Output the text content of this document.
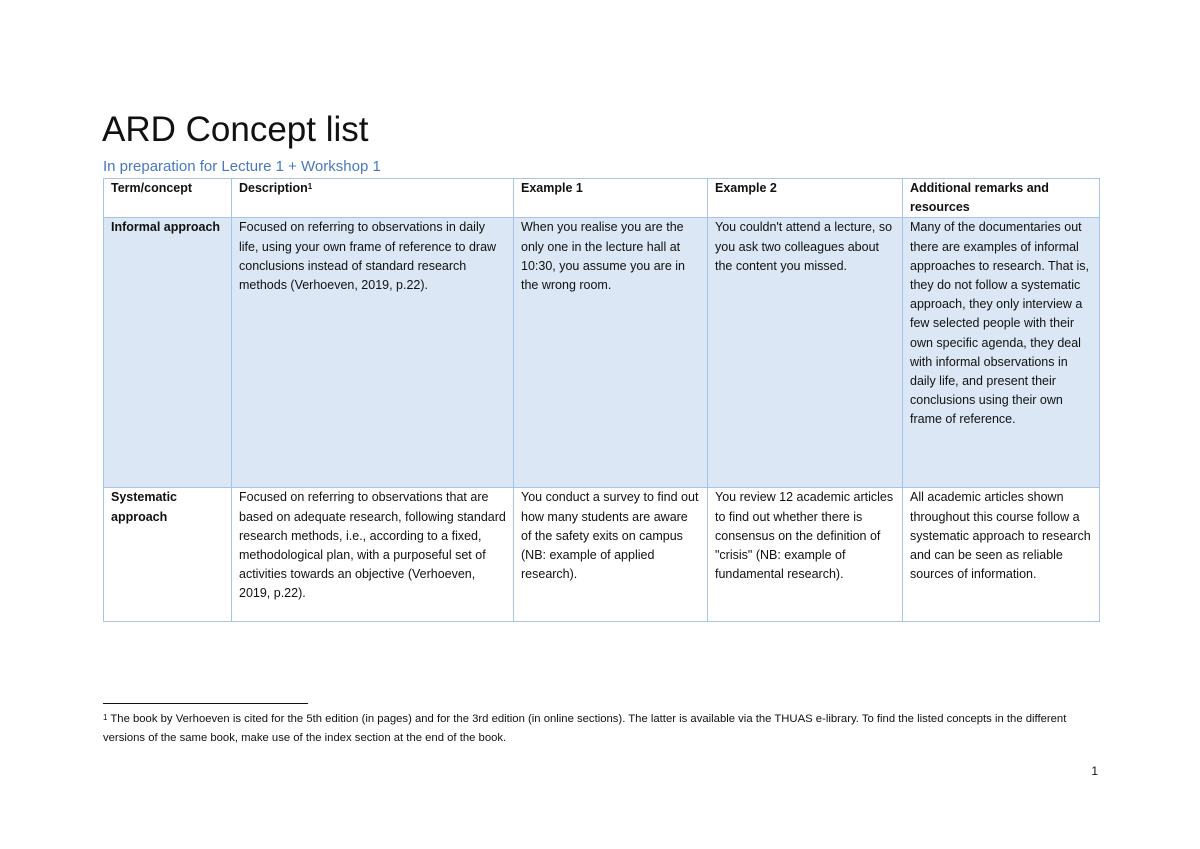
ARD Concept list
In preparation for Lecture 1 + Workshop 1
Term/concept	Description$^1$	Example 1	Example 2	Additional remarks and resources
Informal approach	Focused on referring to observations in daily life, using your own frame of reference to draw conclusions instead of standard research methods (Verhoeven, 2019, p.22).	When you realise you are the only one in the lecture hall at 10:30, you assume you are in the wrong room.	You couldn't attend a lecture, so you ask two colleagues about the content you missed.	Many of the documentaries out there are examples of informal approaches to research. That is, they do not follow a systematic approach, they only interview a few selected people with their own specific agenda, they deal with informal observations in daily life, and present their conclusions using their own frame of reference.
Systematic approach	Focused on referring to observations that are based on adequate research, following standard research methods, i.e., according to a fixed, methodological plan, with a purposeful set of activities towards an objective (Verhoeven, 2019, p.22).	You conduct a survey to find out how many students are aware of the safety exits on campus (NB: example of applied research).	You review 12 academic articles to find out whether there is consensus on the definition of "crisis" (NB: example of fundamental research).	All academic articles shown throughout this course follow a systematic approach to research and can be seen as reliable sources of information.
$^1$ The book by Verhoeven is cited for the 5th edition (in pages) and for the 3rd edition (in online sections). The latter is available via the THUAS e-library. To find the listed concepts in the different versions of the same book, make use of the index section at the end of the book.
1
